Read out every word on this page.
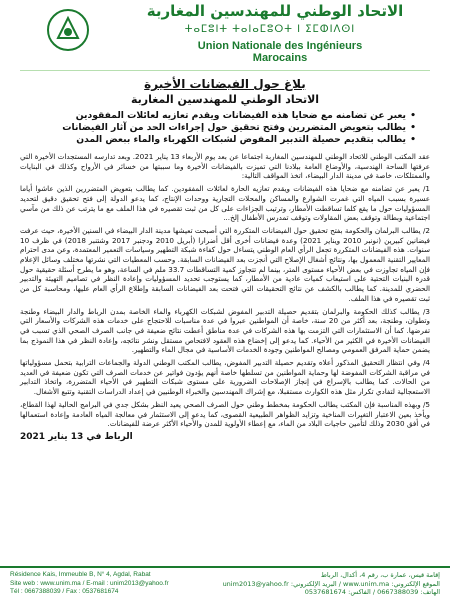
الاتحاد الوطني للمهندسين المغاربة
ⵜⴰⵎⵓⵏⵜ ⵜⴰⵏⴰⵎⵓⵔⵜ ⵏ ⵉⵎⵀⵏⴷⵙⵏ
Union Nationale des Ingénieurs Marocains
بلاغ حول الفيضانات الأخيرة
الاتحاد الوطني للمهندسين المغاربة
•
يعبر عن تضامنه مع ضحايا هذه الفيضانات ويقدم تعازيه لعائلات المفقودين
•
يطالب بتعويض المتضررين وفتح تحقيق حول إجراءات الحد من آثار الفيضانات
•
يطالب بتقديم حصيلة التدبير المفوض لشبكات الكهرباء والماء ببعض المدن

عقد المكتب الوطني للاتحاد الوطني للمهندسين المغاربة اجتماعا عن بعد يوم الأربعاء 13 يناير 2021. وبعد تدارسه المستجدات الأخيرة التي عرفتها الساحة الهندسية، والأوضاع العامة ببلادنا التي تميزت بالفيضانات الأخيرة وما سببتها من خسائر في الأرواح وكذلك في البنايات والممتلكات، خاصة في مدينة الدار البيضاء، اتخذ المواقف التالية:

1/ يعبر عن تضامنه مع ضحايا هذه الفيضانات ويقدم تعازيه الحارة لعائلات المفقودين. كما يطالب بتعويض المتضررين الذين عاشوا أياما عسيرة بسبب المياه التي غمرت الشوارع والمساكن والمحلات التجارية ووحدات الإنتاج، كما يدعو الدولة إلى فتح تحقيق دقيق لتحديد المسؤوليات حول ما يقع كلما تساقطت الأمطار، وترتيب الجزاءات على كل من ثبت تقصيره في هذا الملف مع ما يترتب عن ذلك من مآسي اجتماعية وبطالة وتوقف بعض المقاولات وتوقف تمدرس الأطفال إلخ...

2/ يطالب البرلمان والحكومة بفتح تحقيق حول الفيضانات المتكررة التي أصبحت تعيشها مدينة الدار البيضاء في السنين الأخيرة، حيث عرفت فيضانين كبيرين (نونبر 2010 ويناير 2021) وعدة فيضانات أخرى أقل أضرارا (أبريل 2010 ودجنبر 2017 وشتنبر 2018) في ظرف 10 سنوات. هذه الفيضانات المتكررة تجعل الرأي العام الوطني يتساءل حول كفاءة شبكة التطهير وسياسات التعمير المعتمدة، وعن مدى احترام المعايير التقنية المعمول بها، ونتائج أشغال الإصلاح التي أنجزت بعد الفيضانات السابقة. وحسب المعطيات التي نشرتها مختلف وسائل الإعلام فإن المياه تجاوزت في بعض الأحياء مستوى المتر، بينما لم تتجاوز كمية التساقطات 33.7 ملم في الساعة، وهو ما يطرح أسئلة حقيقية حول قدرة البنيات التحتية على استيعاب كميات عادية من الأمطار، كما يستوجب تحديد المسؤوليات وإعادة النظر في تصاميم التهيئة والتدبير الحضري للمدينة. كما يطالب بالكشف عن نتائج التحقيقات التي فتحت بعد الفيضانات السابقة وإطلاع الرأي العام عليها، ومحاسبة كل من ثبت تقصيره في هذا الملف.

3/ يطالب كذلك الحكومة والبرلمان بتقديم حصيلة التدبير المفوض لشبكات الكهرباء والماء الخاصة بمدن الرباط والدار البيضاء وطنجة وتطوان، وطنجة، بعد أكثر من 20 سنة، خاصة أن المواطنين عبروا في عدة مناسبات للاحتجاج على خدمات هذه الشركات والأسعار التي تفرضها. كما أن الاستثمارات التي التزمت بها هذه الشركات في عدة مناطق أعطت نتائج ضعيفة في جانب الصرف الصحي الذي تسبب في الفيضانات الأخيرة في الكثير من الأحياء. كما يدعو إلى إخضاع هذه العقود لافتحاص مستقل ونشر نتائجه، وإعادة النظر في هذا النموذج بما يضمن حماية المرفق العمومي ومصالح المواطنين وجودة الخدمات الأساسية في مجال الماء والتطهير.

4/ وفي انتظار التحقيق المذكور أعلاه وتقديم حصيلة التدبير المفوض، يطالب المكتب الوطني الدولة والجماعات الترابية بتحمل مسؤولياتها في مراقبة الشركات المفوضة لها وحماية المواطنين من تسلطها خاصة أنهم يؤدون فواتير عن خدمات الصرف التي تكون ضعيفة في العديد من الحالات. كما يطالب بالإسراع في إنجاز الإصلاحات الضرورية على مستوى شبكات التطهير في الأحياء المتضررة، واتخاذ التدابير الاستعجالية لتفادي تكرار مثل هذه الكوارث مستقبلا، مع إشراك المهندسين والخبراء الوطنيين في إعداد الدراسات التقنية وتتبع الأشغال.

5/ وبهذه المناسبة فإن المكتب يطالب الحكومة بمخطط وطني حول الصرف الصحي يعيد النظر بشكل جدي في البرامج الحالية لهذا القطاع، ويأخذ بعين الاعتبار التغيرات المناخية وتزايد الظواهر الطبيعية القصوى، كما يدعو إلى الاستثمار في معالجة المياه العادمة وإعادة استعمالها في أفق 2030 وذلك لتأمين حاجيات البلاد من الماء، مع إعطاء الأولوية للمدن والأحياء الأكثر عرضة للفيضانات.

الرباط في 13 يناير 2021
Résidence Kais, Immeuble B, N° 4, Agdal, Rabat
Site web : www.unim.ma / E-mail : unim2013@yahoo.fr
Tél : 0667388039 / Fax : 0537681674
إقامة قيس، عمارة ب، رقم 4، أكدال، الرباط
الموقع الإلكتروني: www.unim.ma / البريد الإلكتروني: unim2013@yahoo.fr
الهاتف: 0667388039 / الفاكس: 0537681674
